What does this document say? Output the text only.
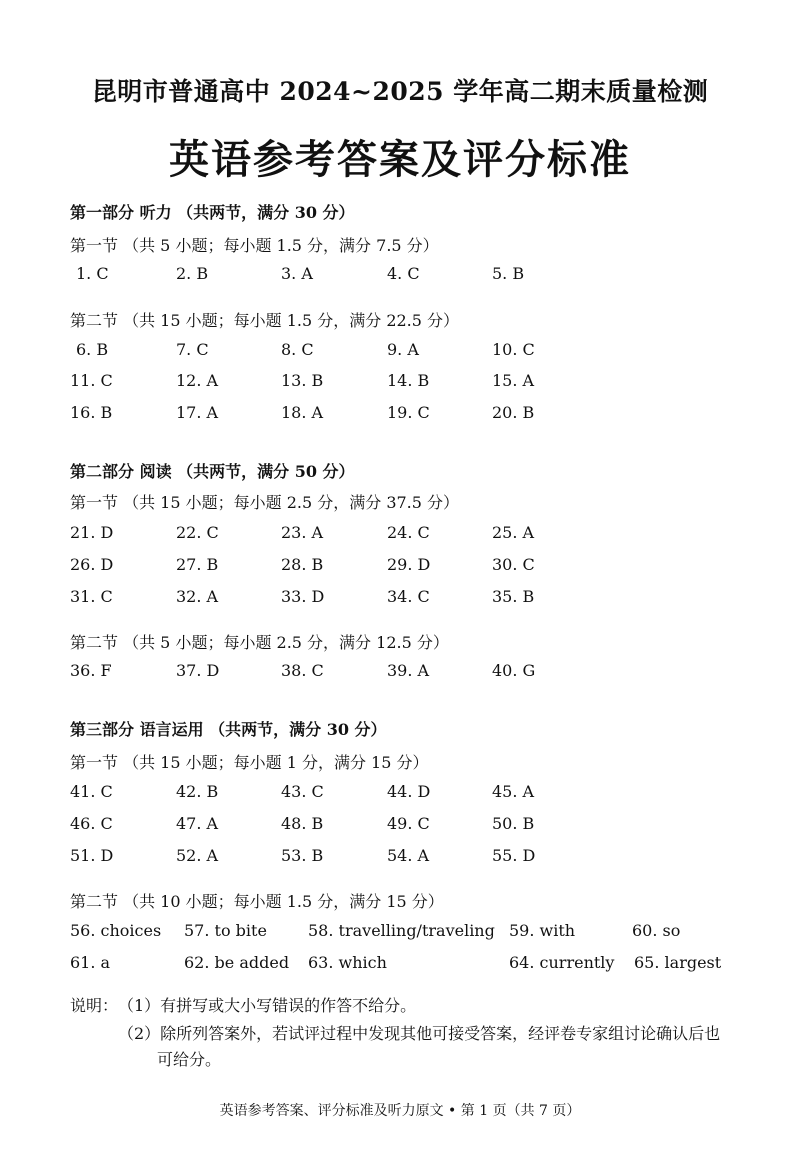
昆明市普通高中 2024~2025 学年高二期末质量检测
英语参考答案及评分标准
第一部分 听力 （共两节，满分 30 分）
第一节 （共 5 小题；每小题 1.5 分，满分 7.5 分）
1. C	2. B	3. A	4. C	5. B
第二节 （共 15 小题；每小题 1.5 分，满分 22.5 分）
6. B	7. C	8. C	9. A	10. C
11. C	12. A	13. B	14. B	15. A
16. B	17. A	18. A	19. C	20. B
第二部分 阅读 （共两节，满分 50 分）
第一节 （共 15 小题；每小题 2.5 分，满分 37.5 分）
21. D	22. C	23. A	24. C	25. A
26. D	27. B	28. B	29. D	30. C
31. C	32. A	33. D	34. C	35. B
第二节 （共 5 小题；每小题 2.5 分，满分 12.5 分）
36. F	37. D	38. C	39. A	40. G
第三部分 语言运用 （共两节，满分 30 分）
第一节 （共 15 小题；每小题 1 分，满分 15 分）
41. C	42. B	43. C	44. D	45. A
46. C	47. A	48. B	49. C	50. B
51. D	52. A	53. B	54. A	55. D
第二节 （共 10 小题；每小题 1.5 分，满分 15 分）
56. choices 57. to bite	58. travelling/traveling 59. with	60. so
61. a	62. be added 63. which	64. currently 65. largest
说明： （1）有拼写或大小写错误的作答不给分。
（2）除所列答案外，若试评过程中发现其他可接受答案，经评卷专家组讨论确认后也
可给分。
英语参考答案、评分标准及听力原文 • 第 1 页（共 7 页）
